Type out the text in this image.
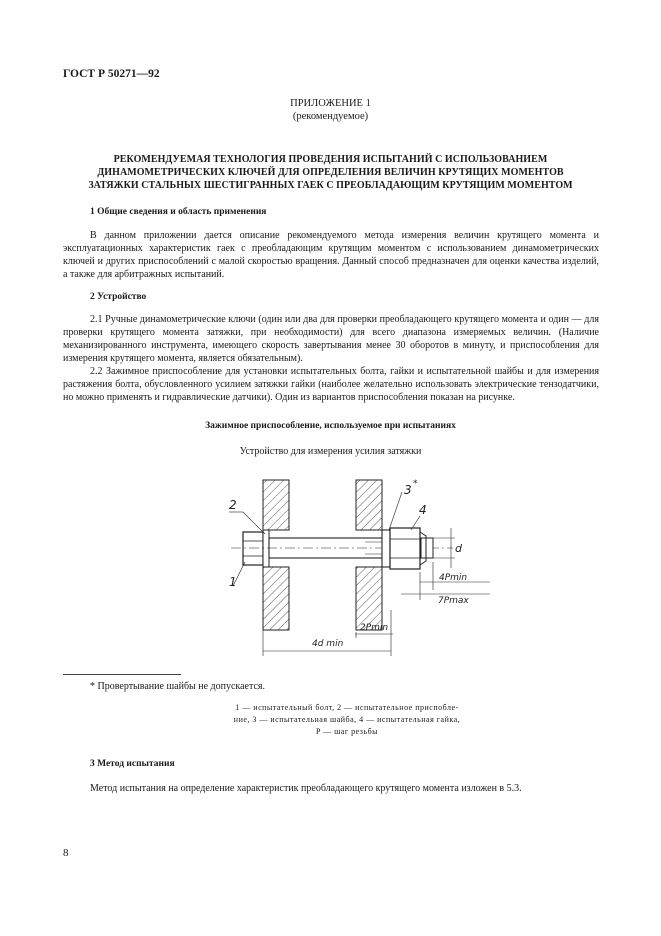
ГОСТ Р 50271—92
ПРИЛОЖЕНИЕ 1
(рекомендуемое)
РЕКОМЕНДУЕМАЯ ТЕХНОЛОГИЯ ПРОВЕДЕНИЯ ИСПЫТАНИЙ С ИСПОЛЬЗОВАНИЕМ
ДИНАМОМЕТРИЧЕСКИХ КЛЮЧЕЙ ДЛЯ ОПРЕДЕЛЕНИЯ ВЕЛИЧИН КРУТЯЩИХ МОМЕНТОВ
ЗАТЯЖКИ СТАЛЬНЫХ ШЕСТИГРАННЫХ ГАЕК С ПРЕОБЛАДАЮЩИМ КРУТЯЩИМ МОМЕНТОМ
1 Общие сведения и область применения

В данном приложении дается описание рекомендуемого метода измерения величин крутящего момента и эксплуатационных характеристик гаек с преобладающим крутящим моментом с использованием динамометрических ключей и других приспособлений с малой скоростью вращения. Данный способ предназначен для оценки качества изделий, а также для арбитражных испытаний.

2 Устройство

2.1 Ручные динамометрические ключи (один или два для проверки преобладающего крутящего момента и один — для проверки крутящего момента затяжки, при необходимости) для всего диапазона измеряемых величин. (Наличие механизированного инструмента, имеющего скорость завертывания менее 30 оборотов в минуту, и приспособления для измерения крутящего момента, является обязательным).

2.2 Зажимное приспособление для установки испытательных болта, гайки и испытательной шайбы и для измерения растяжения болта, обусловленного усилием затяжки гайки (наиболее желательно использовать электрические тензодатчики, но можно применять и гидравлические датчики). Один из вариантов приспособления показан на рисунке.

Зажимное приспособление, используемое при испытаниях
Устройство для измерения усилия затяжки
d
4Pmin
7Pmax
2Pmin
4d min
2
1
3 *
4
* Провертывание шайбы не допускается.
1 — испытательный болт, 2 — испытательное приспобле-
ние, 3 — испытательная шайба, 4 — испытательная гайка,
P — шаг резьбы
3 Метод испытания

Метод испытания на определение характеристик преобладающего крутящего момента изложен в 5.3.

8
